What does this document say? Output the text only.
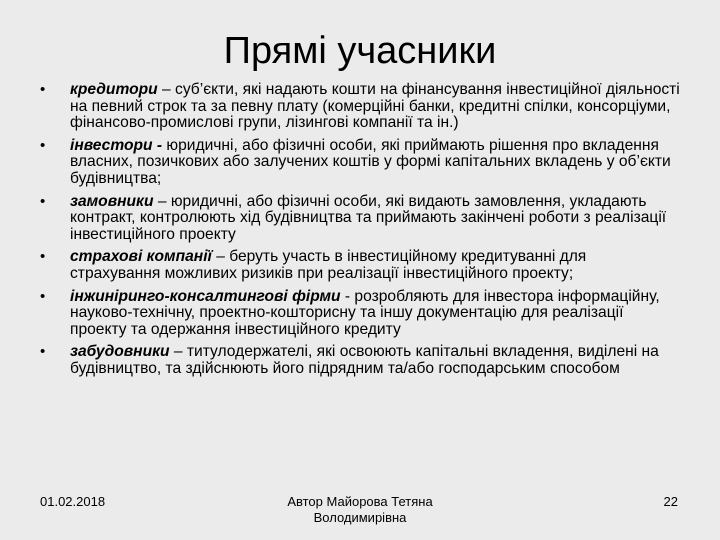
Прямі учасники
• кредитори – суб’єкти, які надають кошти на фінансування інвестиційної діяльності на певний строк та за певну плату (комерційні банки, кредитні спілки, консорціуми, фінансово-промислові групи, лізингові компанії та ін.)
• інвестори - юридичні, або фізичні особи, які приймають рішення про вкладення власних, позичкових або залучених коштів у формі капітальних вкладень у об’єкти будівництва;
• замовники – юридичні, або фізичні особи, які видають замовлення, укладають контракт, контролюють хід будівництва та приймають закінчені роботи з реалізації інвестиційного проекту
• страхові компанії – беруть участь в інвестиційному кредитуванні для страхування можливих ризиків при реалізації інвестиційного проекту;
• інжиніринго-консалтингові фірми - розробляють для інвестора інформаційну, науково-технічну, проектно-кошторисну та іншу документацію для реалізації проекту та одержання інвестиційного кредиту
• забудовники – титулодержателі, які освоюють капітальні вкладення, виділені на будівництво, та здійснюють його підрядним та/або господарським способом
01.02.2018	Автор Майорова Тетяна Володимирівна
22
